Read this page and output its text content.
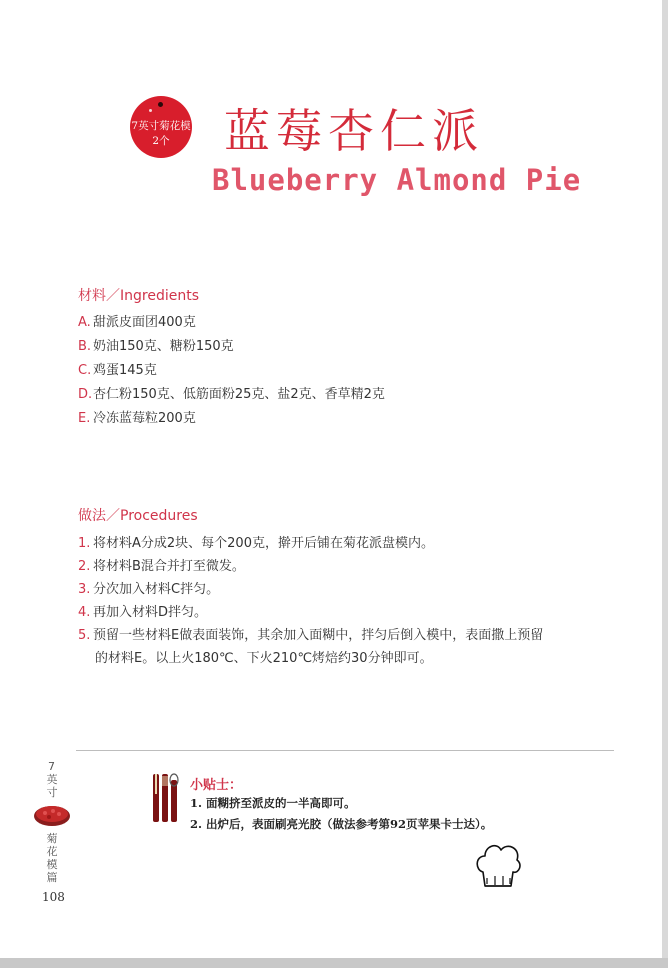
7英寸菊花模
2个	蓝莓杏仁派
Blueberry Almond Pie
材料／Ingredients
A. 甜派皮面团400克
B. 奶油150克、糖粉150克
C. 鸡蛋145克
D.杏仁粉150克、低筋面粉25克、盐2克、香草精2克
E. 冷冻蓝莓粒200克
做法／Procedures
1. 将材料A分成2块、每个200克，擀开后铺在菊花派盘模内。
2. 将材料B混合并打至微发。
3. 分次加入材料C拌匀。
4. 再加入材料D拌匀。
5. 预留一些材料E做表面装饰，其余加入面糊中，拌匀后倒入模中，表面撒上预留
的材料E。以上火180℃、下火210℃烤焙约30分钟即可。
7
英寸
菊
花
模
篇
108
小贴士：
1. 面糊挤至派皮的一半高即可。
2. 出炉后，表面刷亮光胶（做法参考第92页苹果卡士达）。
